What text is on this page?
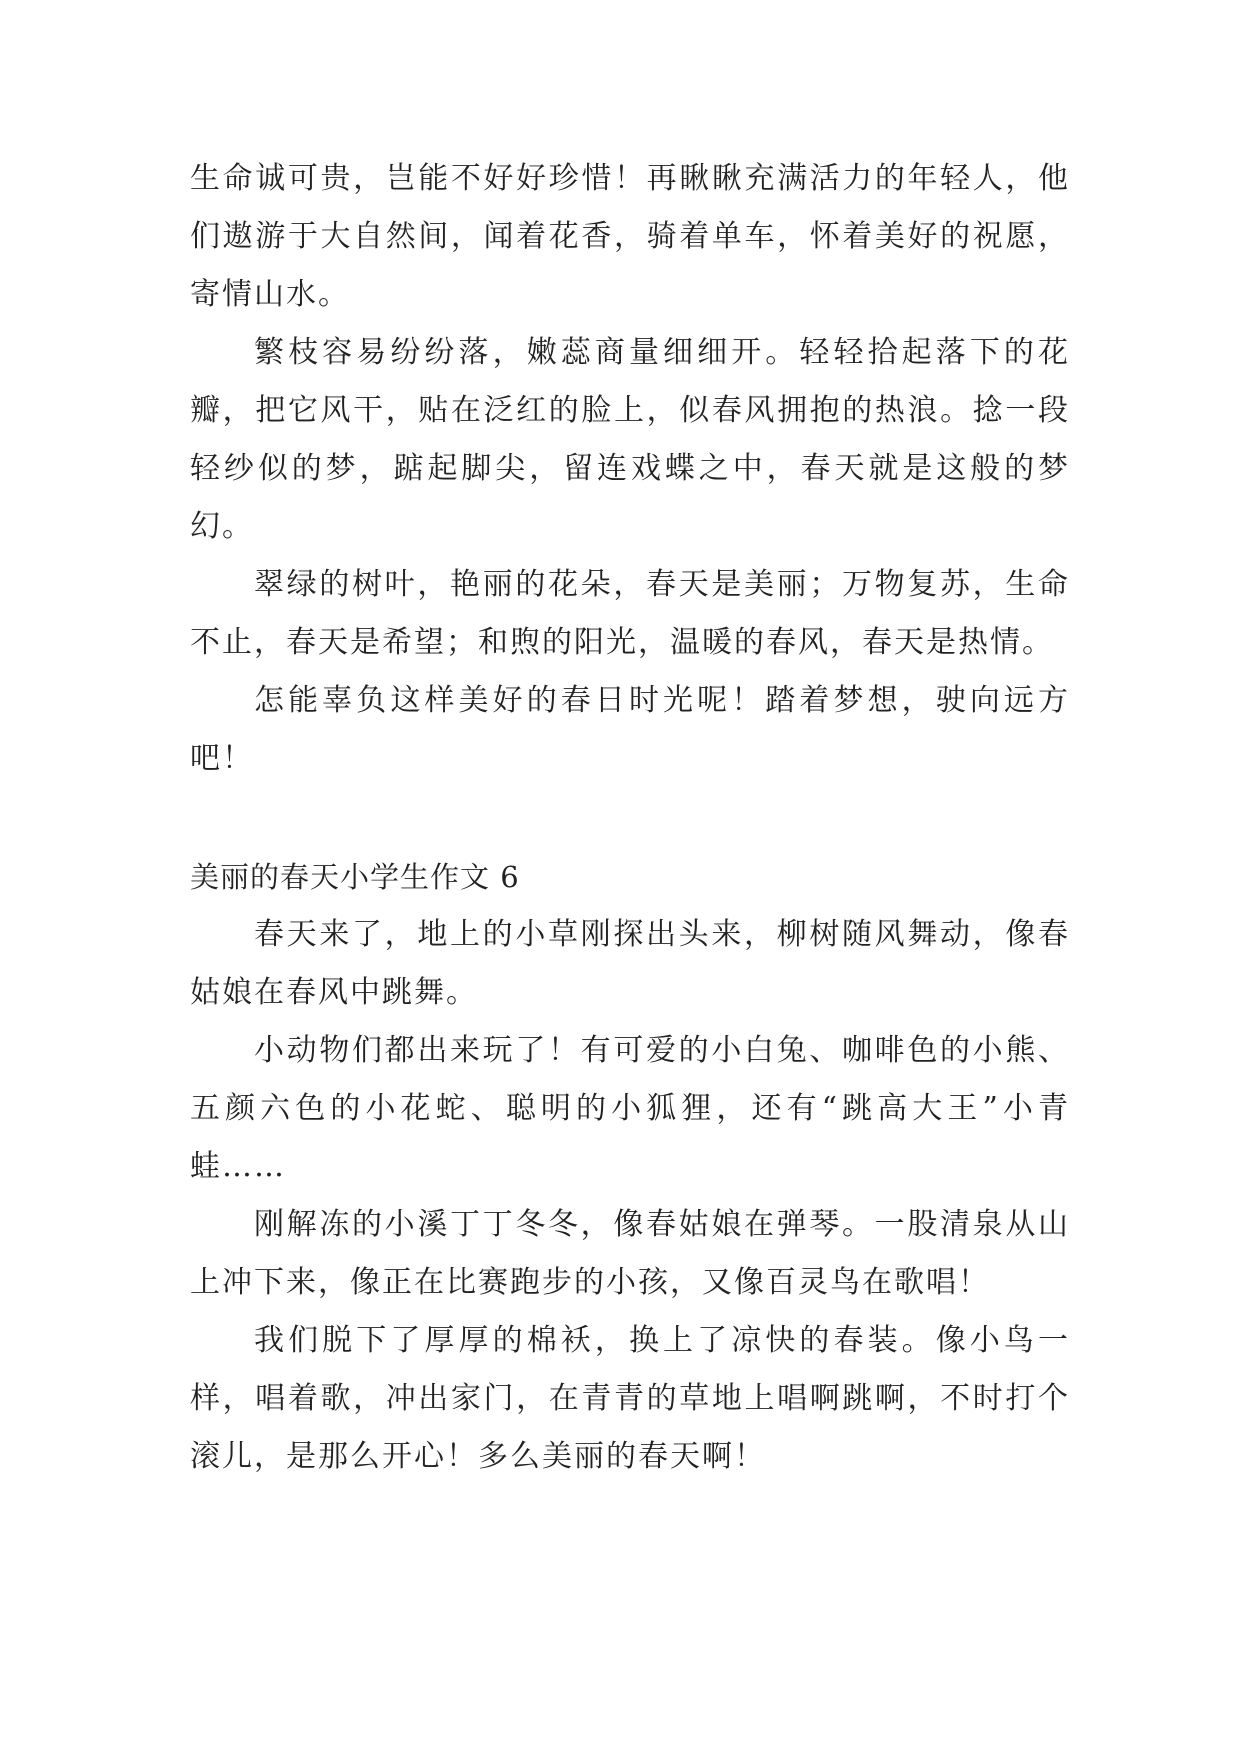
生命诚可贵，岂能不好好珍惜！再瞅瞅充满活力的年轻人，他们遨游于大自然间，闻着花香，骑着单车，怀着美好的祝愿，寄情山水。

繁枝容易纷纷落，嫩蕊商量细细开。轻轻拾起落下的花瓣，把它风干，贴在泛红的脸上，似春风拥抱的热浪。捻一段轻纱似的梦，踮起脚尖，留连戏蝶之中，春天就是这般的梦幻。

翠绿的树叶，艳丽的花朵，春天是美丽；万物复苏，生命不止，春天是希望；和煦的阳光，温暖的春风，春天是热情。

怎能辜负这样美好的春日时光呢！踏着梦想，驶向远方吧！

美丽的春天小学生作文 6

春天来了，地上的小草刚探出头来，柳树随风舞动，像春姑娘在春风中跳舞。

小动物们都出来玩了！有可爱的小白兔、咖啡色的小熊、五颜六色的小花蛇、聪明的小狐狸，还有“跳高大王”小青蛙……

刚解冻的小溪丁丁冬冬，像春姑娘在弹琴。一股清泉从山上冲下来，像正在比赛跑步的小孩，又像百灵鸟在歌唱！

我们脱下了厚厚的棉袄，换上了凉快的春装。像小鸟一样，唱着歌，冲出家门，在青青的草地上唱啊跳啊，不时打个滚儿，是那么开心！多么美丽的春天啊！
